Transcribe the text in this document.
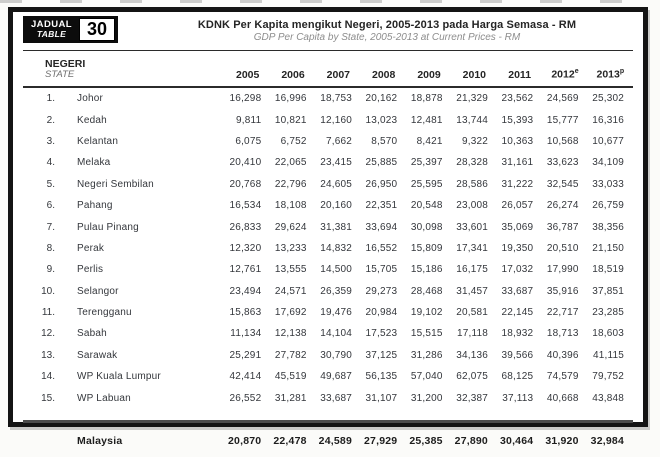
JADUAL
TABLE	30	KDNK Per Kapita mengikut Negeri, 2005-2013 pada Harga Semasa - RM
GDP Per Capita by State, 2005-2013 at Current Prices - RM
NEGERI
STATE		2005	2006	2007	2008	2009	2010	2011	2012e	2013$^p$
1.	Johor	16,298	16,996	18,753	20,162	18,878	21,329	23,562	24,569	25,302
2.	Kedah	9,811	10,821	12,160	13,023	12,481	13,744	15,393	15,777	16,316
3.	Kelantan	6,075	6,752	7,662	8,570	8,421	9,322	10,363	10,568	10,677
4.	Melaka	20,410	22,065	23,415	25,885	25,397	28,328	31,161	33,623	34,109
5.	Negeri Sembilan	20,768	22,796	24,605	26,950	25,595	28,586	31,222	32,545	33,033
6.	Pahang	16,534	18,108	20,160	22,351	20,548	23,008	26,057	26,274	26,759
7.	Pulau Pinang	26,833	29,624	31,381	33,694	30,098	33,601	35,069	36,787	38,356
8.	Perak	12,320	13,233	14,832	16,552	15,809	17,341	19,350	20,510	21,150
9.	Perlis	12,761	13,555	14,500	15,705	15,186	16,175	17,032	17,990	18,519
10.	Selangor	23,494	24,571	26,359	29,273	28,468	31,457	33,687	35,916	37,851
11.	Terengganu	15,863	17,692	19,476	20,984	19,102	20,581	22,145	22,717	23,285
12.	Sabah	11,134	12,138	14,104	17,523	15,515	17,118	18,932	18,713	18,603
13.	Sarawak	25,291	27,782	30,790	37,125	31,286	34,136	39,566	40,396	41,115
14.	WP Kuala Lumpur	42,414	45,519	49,687	56,135	57,040	62,075	68,125	74,579	79,752
15.	WP Labuan	26,552	31,281	33,687	31,107	31,200	32,387	37,113	40,668	43,848
	Malaysia	20,870	22,478	24,589	27,929	25,385	27,890	30,464	31,920	32,984
